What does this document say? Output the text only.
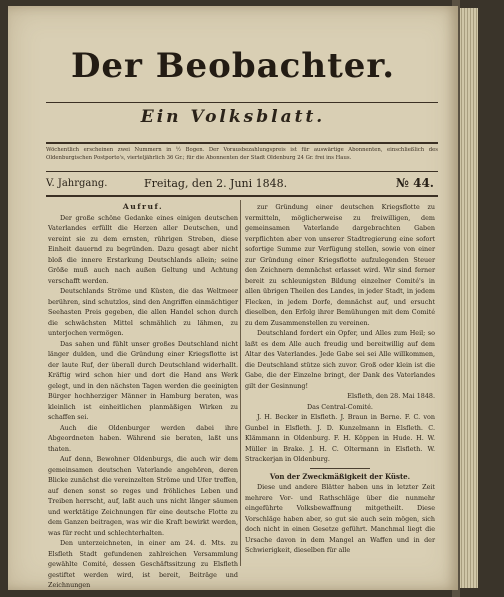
Der Beobachter.
Ein Volksblatt.
Wöchentlich erscheinen zwei Nummern in ½ Bogen. Der Vorausbezahlungspreis ist für auswärtige Abonnenten, einschließlich des Oldenburgischen Postporto's, vierteljährlich 36 Gr.; für die Abonnenten der Stadt Oldenburg 24 Gr. frei ins Haus.
V. Jahrgang.	Freitag, den 2. Juni 1848.	№ 44.

Aufruf.

Der große schöne Gedanke eines einigen deutschen Vaterlandes erfüllt die Herzen aller Deutschen, und vereint sie zu dem ernsten, rührigen Streben, diese Einheit dauernd zu begründen. Dazu gesagt aber nicht bloß die innere Erstarkung Deutschlands allein; seine Größe muß auch nach außen Geltung und Achtung verschafft werden.

Deutschlands Ströme und Küsten, die das Weltmeer berühren, sind schutzlos, sind den Angriffen einmächtiger Seehasten Preis gegeben, die allen Handel schon durch die schwächsten Mittel schmählich zu lähmen, zu unterjochen vermögen.

Das sahen und fühlt unser großes Deutschland nicht länger dulden, und die Gründung einer Kriegsflotte ist der laute Ruf, der überall durch Deutschland widerhallt. Kräftig wird schon hier und dort die Hand ans Werk gelegt, und in den nächsten Tagen werden die geeinigten Bürger hochherziger Männer in Hamburg beraten, was kleinlich ist einheitlichen planmäßigen Wirken zu schaffen sei.

Auch die Oldenburger werden dabei ihre Abgeordneten haben. Während sie beraten, laßt uns thaten.

Auf denn, Bewohner Oldenburgs, die auch wir dem gemeinsamen deutschen Vaterlande angehören, deren Blicke zunächst die vereinzelten Ströme und Ufer treffen, auf denen sonst so reges und fröhliches Leben und Treiben herrscht, auf, laßt auch uns nicht länger säumen und werktätige Zeichnungen für eine deutsche Flotte zu dem Ganzen beitragen, was wir die Kraft bewirkt werden, was für recht und schlechterhalten.

Den unterzeichneten, in einer am 24. d. Mts. zu Elsfleth Stadt gefundenen zahlreichen Versammlung gewählte Comité, dessen Geschäftssitzung zu Elsfleth gestiftet werden wird, ist bereit, Beiträge und Zeichnungen

zur Gründung einer deutschen Kriegsflotte zu vermitteln, möglicherweise zu freiwilligen, dem gemeinsamen Vaterlande dargebrachten Gaben verpflichten aber von unserer Stadtregierung eine sofort sofortige Summe zur Verfügung stellen, sowie von einer zur Gründung einer Kriegsflotte aufzulegenden Steuer den Zeichnern demnächst erlasset wird. Wir sind ferner bereit zu schleunigsten Bildung einzelner Comité's in allen übrigen Theilen des Landes, in jeder Stadt, in jedem Flecken, in jedem Dorfe, demnächst auf, und ersucht dieselben, den Erfolg ihrer Bemühungen mit dem Comité zu dem Zusammenstellen zu vereinen.

Deutschland fordert ein Opfer, und Alles zum Heil; so laßt es dem Alle auch freudig und bereitwillig auf dem Altar des Vaterlandes. Jede Gabe sei sei Alle willkommen, die Deutschland stütze sich zuvor. Groß oder klein ist die Gabe, die der Einzelne bringt, der Dank des Vaterlandes gilt der Gesinnung!

Elsfleth, den 28. Mai 1848.

Das Central-Comité.

J. H. Becker in Elsfleth. J. Braun in Berne. F. C. von Gunbel in Elsfleth. J. D. Kunzelmann in Elsfleth. C. Klämmann in Oldenburg. F. H. Köppen in Hude. H. W. Müller in Brake. J. H. C. Oltermann in Elsfleth. W. Strackerjan in Oldenburg.

Von der Zweckmäßigkeit der Küste.

Diese und andere Blätter haben uns in letzter Zeit mehrere Vor- und Rathschläge über die nunmehr eingeführte Volksbewaffnung mitgetheilt. Diese Vorschläge haben aber, so gut sie auch sein mögen, sich doch nicht in einen Gesetze geführt. Manchmal liegt die Ursache davon in dem Mangel an Waffen und in der Schwierigkeit, dieselben für alle
